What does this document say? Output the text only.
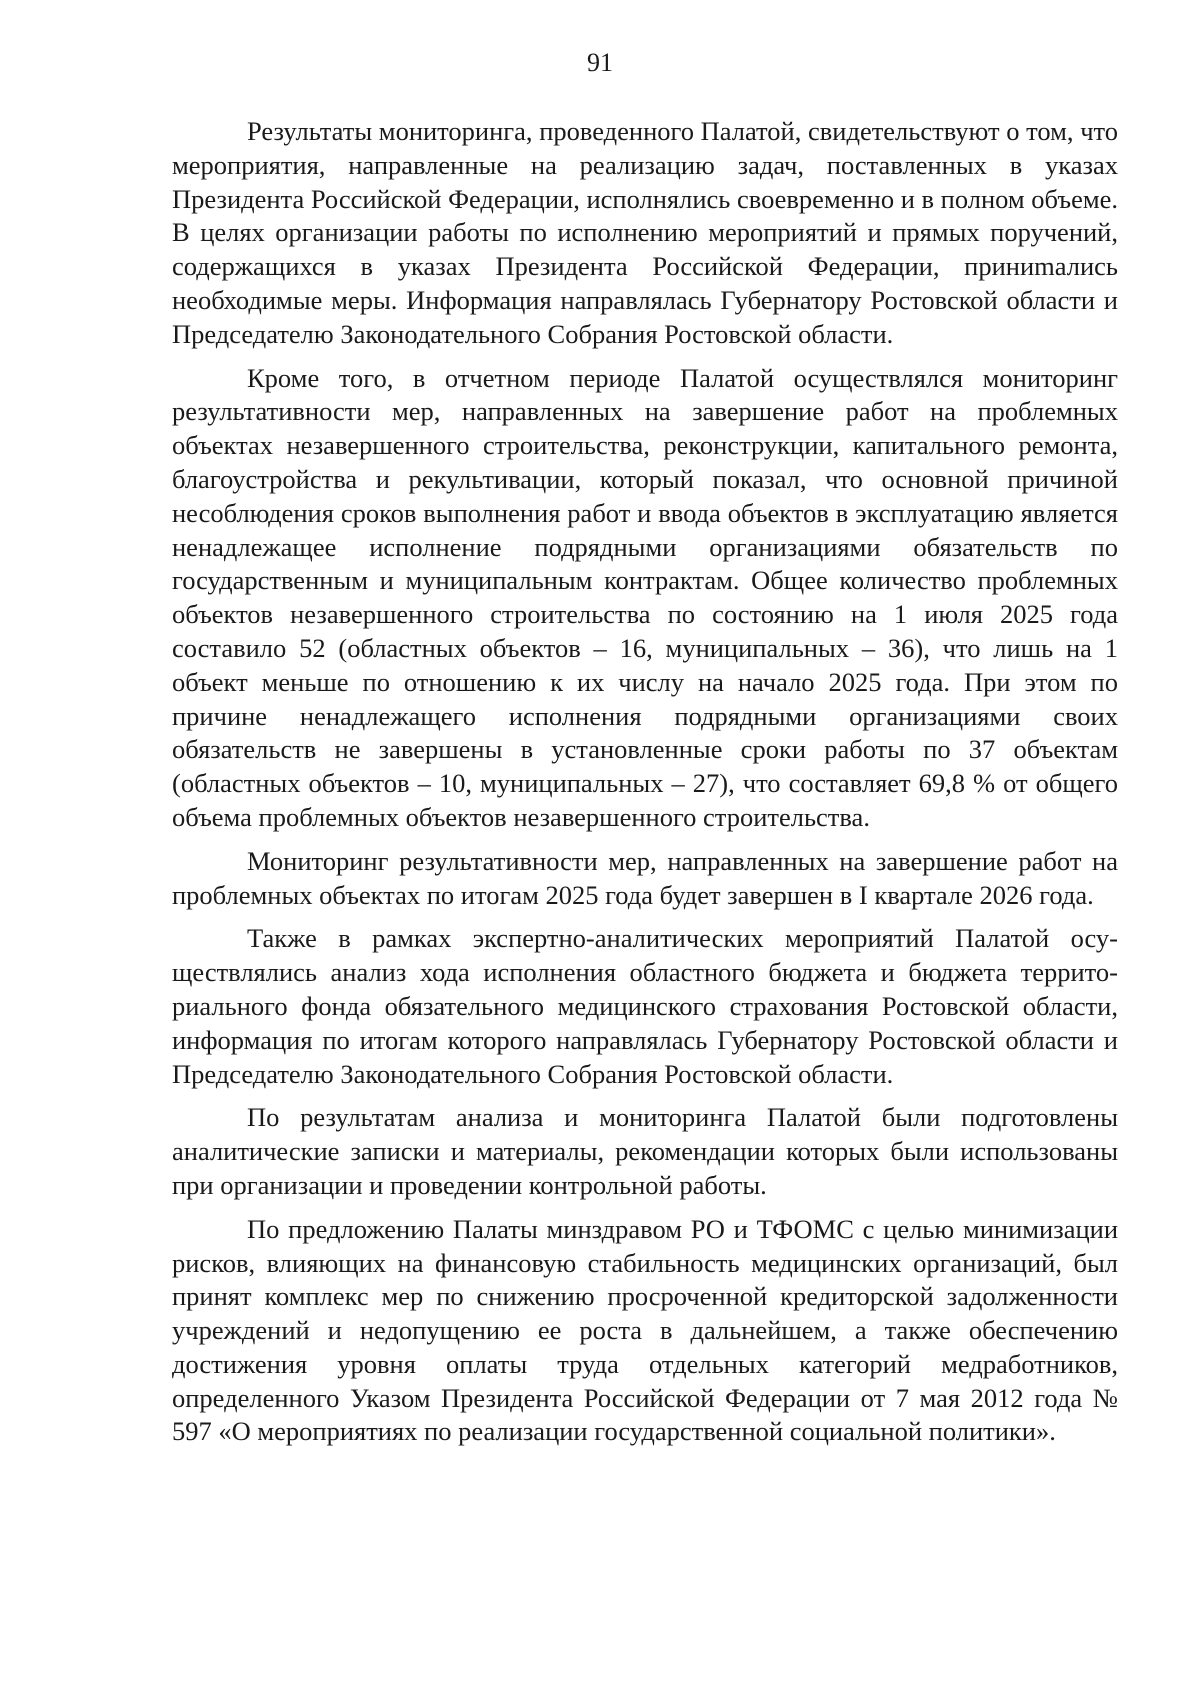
91

Результаты мониторинга, проведенного Палатой, свидетельствуют о том, что мероприятия, направленные на реализацию задач, поставленных в указах Президента Российской Федерации, исполнялись своевременно и в полном объеме. В целях организации работы по исполнению мероприятий и прямых поручений, содержащихся в указах Президента Российской Федерации, приниmались необходимые меры. Информация направлялась Губернатору Ростовской области и Председателю Законодательного Собрания Ростовской области.

Кроме того, в отчетном периоде Палатой осуществлялся мониторинг результативности мер, направленных на завершение работ на проблемных объектах незавершенного строительства, реконструкции, капитального ремонта, благоустройства и рекультивации, который показал, что основной причиной несоблюдения сроков выполнения работ и ввода объектов в эксплуатацию является ненадлежащее исполнение подрядными организациями обязательств по государственным и муниципальным контрактам. Общее количество проблемных объектов незавершенного строительства по состоянию на 1 июля 2025 года составило 52 (областных объектов – 16, муниципальных – 36), что лишь на 1 объект меньше по отношению к их числу на начало 2025 года. При этом по причине ненадлежащего исполнения подрядными организациями своих обязательств не завершены в установленные сроки работы по 37 объектам (областных объектов – 10, муниципальных – 27), что составляет 69,8 % от общего объема проблемных объектов незавершенного строительства.

Мониторинг результативности мер, направленных на завершение работ на проблемных объектах по итогам 2025 года будет завершен в I квартале 2026 года.

Также в рамках экспертно-аналитических мероприятий Палатой осуществлялись анализ хода исполнения областного бюджета и бюджета территориального фонда обязательного медицинского страхования Ростовской области, информация по итогам которого направлялась Губернатору Ростовской области и Председателю Законодательного Собрания Ростовской области.

По результатам анализа и мониторинга Палатой были подготовлены аналитические записки и материалы, рекомендации которых были использованы при организации и проведении контрольной работы.

По предложению Палаты минздравом РО и ТФОМС с целью минимизации рисков, влияющих на финансовую стабильность медицинских организаций, был принят комплекс мер по снижению просроченной кредиторской задолженности учреждений и недопущению ее роста в дальнейшем, а также обеспечению достижения уровня оплаты труда отдельных категорий медработников, определенного Указом Президента Российской Федерации от 7 мая 2012 года № 597 «О мероприятиях по реализации государственной социальной политики».
